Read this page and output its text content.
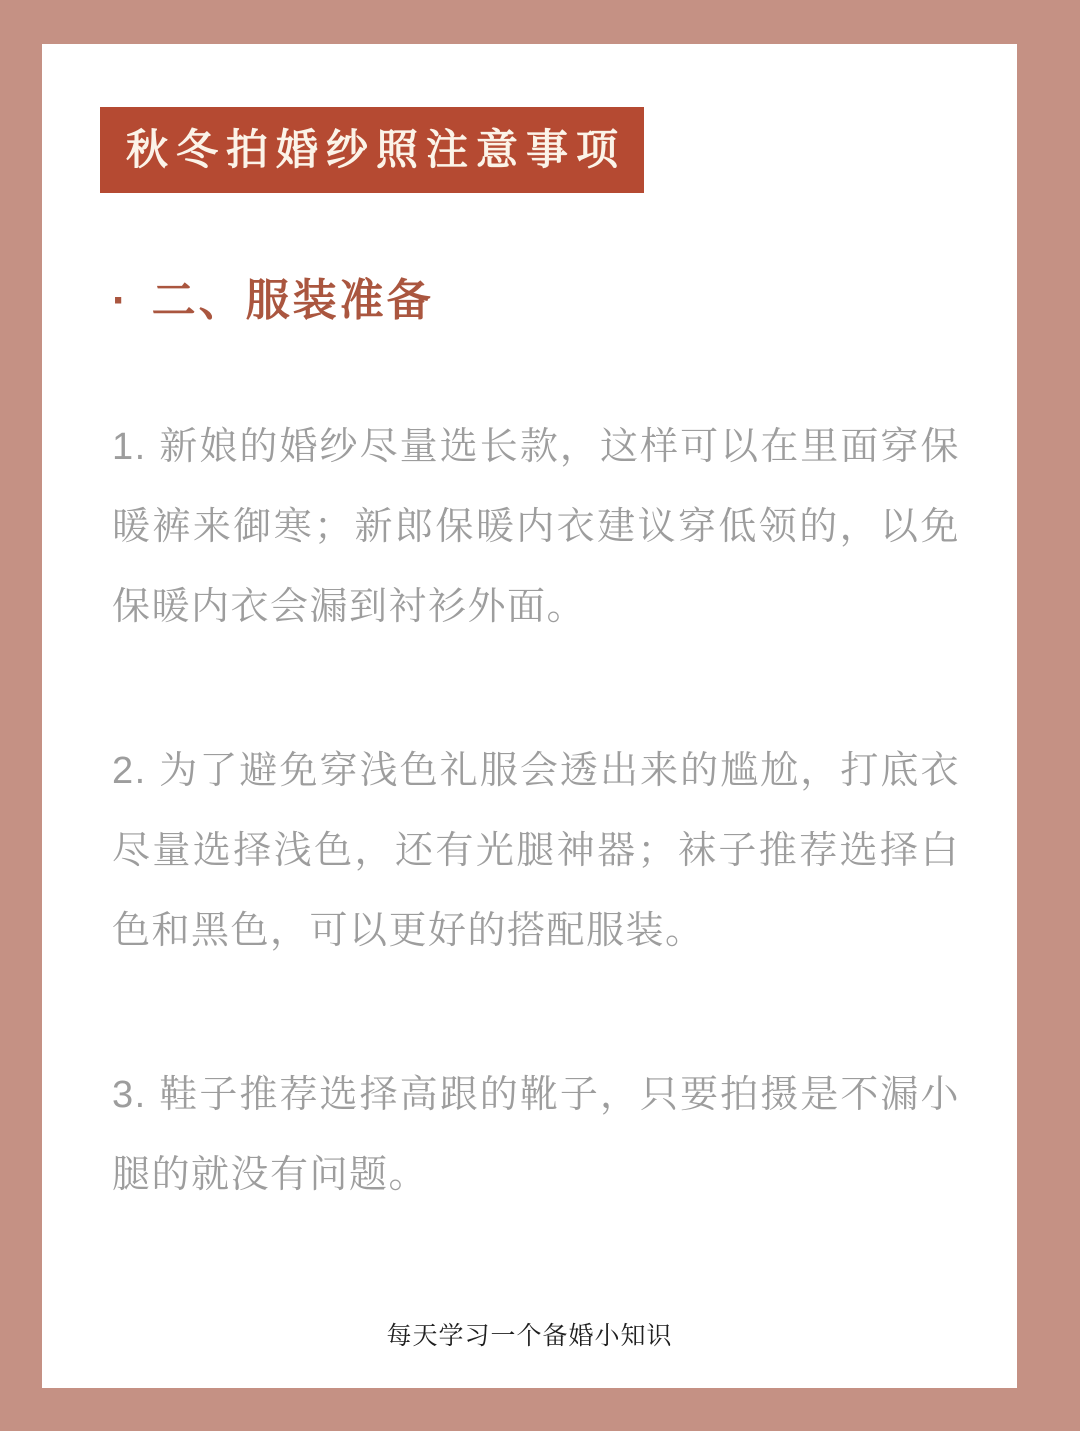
秋冬拍婚纱照注意事项
· 二、服装准备

1. 新娘的婚纱尽量选长款，这样可以在里面穿保暖裤来御寒；新郎保暖内衣建议穿低领的，以免保暖内衣会漏到衬衫外面。

2. 为了避免穿浅色礼服会透出来的尴尬，打底衣尽量选择浅色，还有光腿神器；袜子推荐选择白色和黑色，可以更好的搭配服装。

3. 鞋子推荐选择高跟的靴子，只要拍摄是不漏小腿的就没有问题。

每天学习一个备婚小知识
